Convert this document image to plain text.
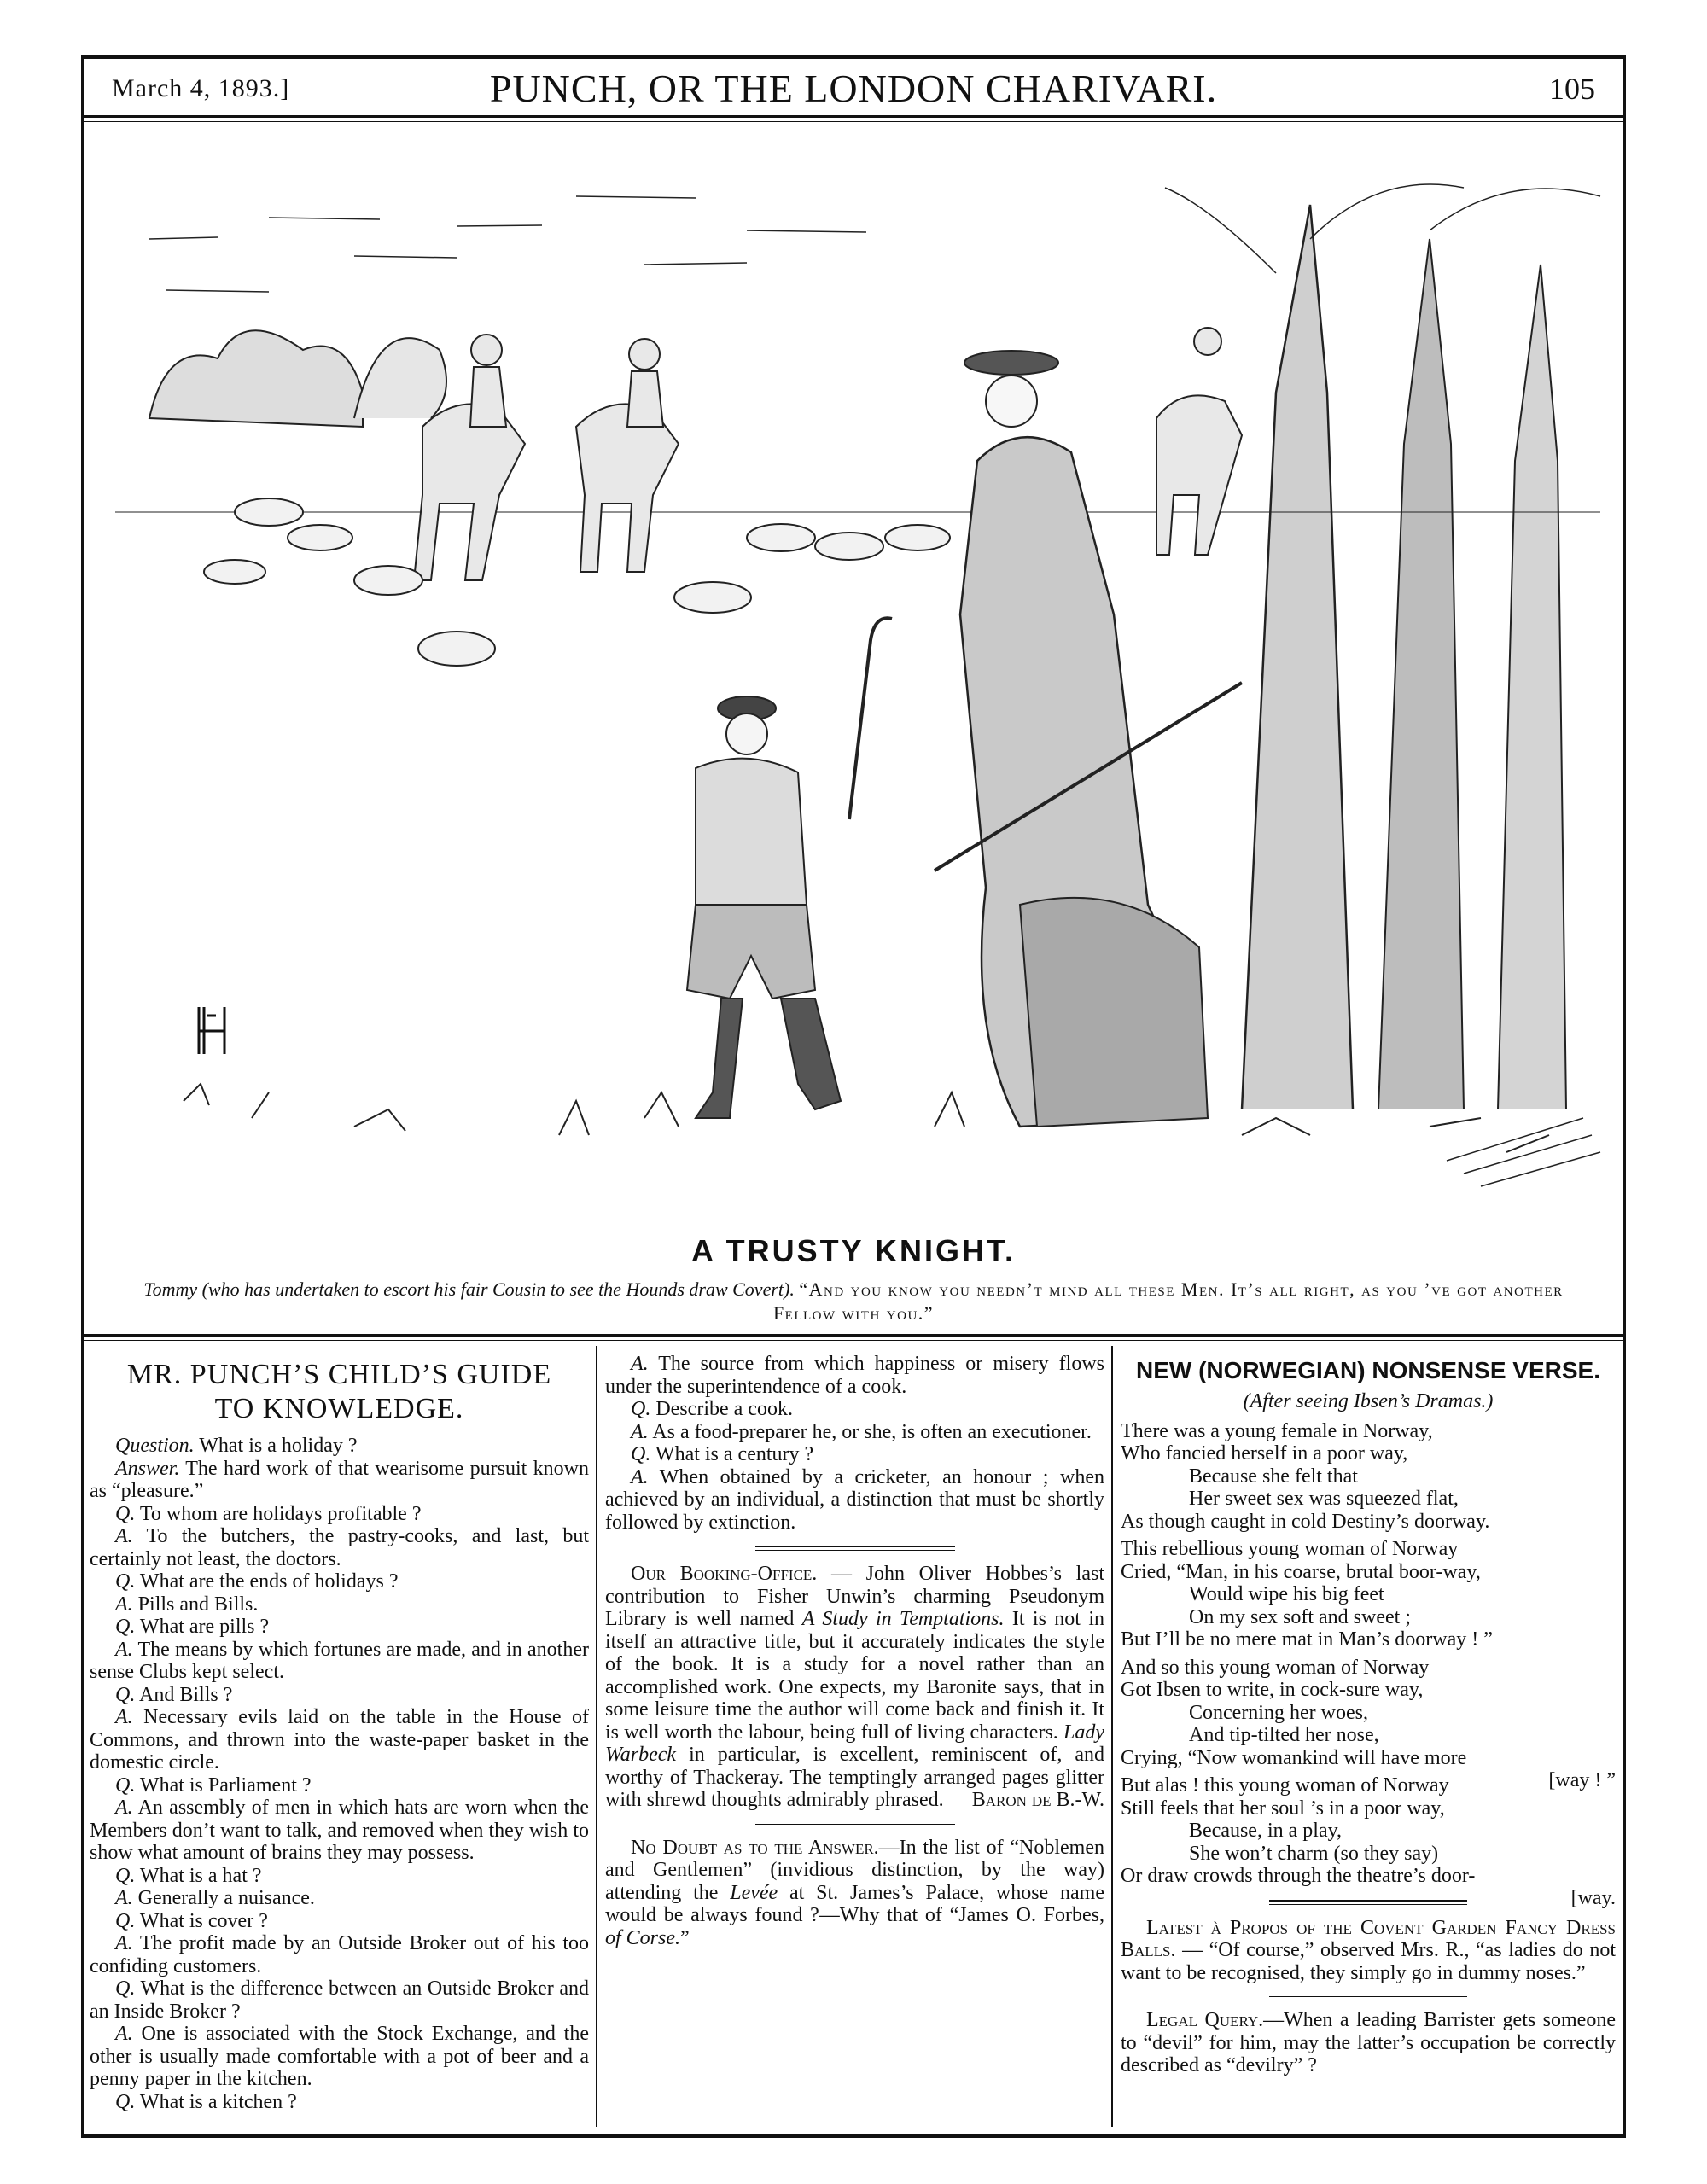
March 4, 1893.]	PUNCH, OR THE LONDON CHARIVARI.	105
A TRUSTY KNIGHT.
Tommy (who has undertaken to escort his fair Cousin to see the Hounds draw Covert). “And you know you needn’t mind all these Men. It’s all right, as you ’ve got another Fellow with you.”

MR. PUNCH’S CHILD’S GUIDE
TO KNOWLEDGE.

Question. What is a holiday ?

Answer. The hard work of that wearisome pursuit known as “pleasure.”

Q. To whom are holidays profitable ?

A. To the butchers, the pastry-cooks, and last, but certainly not least, the doctors.

Q. What are the ends of holidays ?

A. Pills and Bills.

Q. What are pills ?

A. The means by which fortunes are made, and in another sense Clubs kept select.

Q. And Bills ?

A. Necessary evils laid on the table in the House of Commons, and thrown into the waste-paper basket in the domestic circle.

Q. What is Parliament ?

A. An assembly of men in which hats are worn when the Members don’t want to talk, and removed when they wish to show what amount of brains they may possess.

Q. What is a hat ?

A. Generally a nuisance.

Q. What is cover ?

A. The profit made by an Outside Broker out of his too confiding customers.

Q. What is the difference between an Outside Broker and an Inside Broker ?

A. One is associated with the Stock Exchange, and the other is usually made comfortable with a pot of beer and a penny paper in the kitchen.

Q. What is a kitchen ?

A. The source from which happiness or misery flows under the superintendence of a cook.

Q. Describe a cook.

A. As a food-preparer he, or she, is often an executioner.

Q. What is a century ?

A. When obtained by a cricketer, an honour ; when achieved by an individual, a distinction that must be shortly followed by extinction.

Our Booking-Office. — John Oliver Hobbes’s last contribution to Fisher Unwin’s charming Pseudonym Library is well named A Study in Temptations. It is not in itself an attractive title, but it accurately indicates the style of the book. It is a study for a novel rather than an accomplished work. One expects, my Baronite says, that in some leisure time the author will come back and finish it. It is well worth the labour, being full of living characters. Lady Warbeck in particular, is excellent, reminiscent of, and worthy of Thackeray. The temptingly arranged pages glitter with shrewd thoughts admirably phrased.	Baron de B.-W.

No Doubt as to the Answer.—In the list of “Noblemen and Gentlemen” (invidious distinction, by the way) attending the Levée at St. James’s Palace, whose name would be always found ?—Why that of “James O. Forbes, of Corse.”

NEW (NORWEGIAN) NONSENSE VERSE.

(After seeing Ibsen’s Dramas.)

There was a young female in Norway,

Who fancied herself in a poor way,

Because she felt that

Her sweet sex was squeezed flat,

As though caught in cold Destiny’s doorway.

This rebellious young woman of Norway

Cried, “Man, in his coarse, brutal boor-way,

Would wipe his big feet

On my sex soft and sweet ;

But I’ll be no mere mat in Man’s doorway ! ”

And so this young woman of Norway

Got Ibsen to write, in cock-sure way,

Concerning her woes,

And tip-tilted her nose,

[way ! ”

Crying, “Now womankind will have more

But alas ! this young woman of Norway

Still feels that her soul ’s in a poor way,

Because, in a play,

She won’t charm (so they say)

[way.

Or draw crowds through the theatre’s door-

Latest à Propos of the Covent Garden Fancy Dress Balls. — “Of course,” observed Mrs. R., “as ladies do not want to be recognised, they simply go in dummy noses.”

Legal Query.—When a leading Barrister gets someone to “devil” for him, may the latter’s occupation be correctly described as “devilry” ?
